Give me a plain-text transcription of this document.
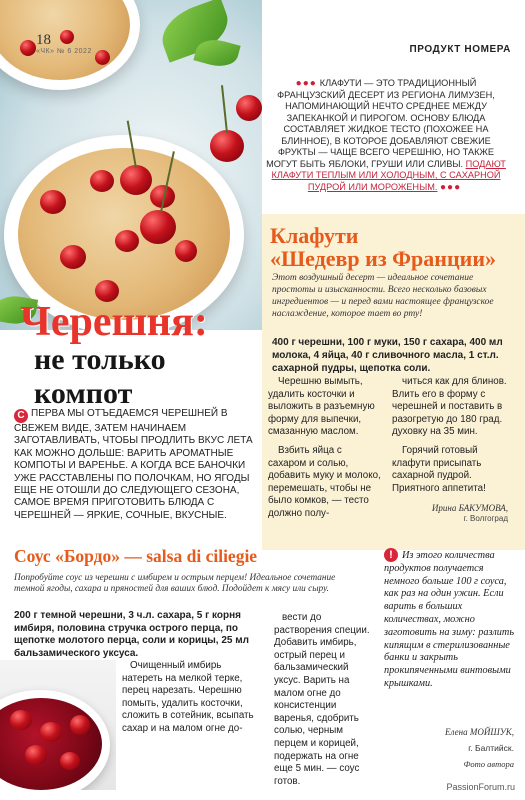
18
«ЧК» № 6 2022	ПРОДУКТ НОМЕРА
●●● КЛАФУТИ — ЭТО ТРАДИЦИОННЫЙ ФРАНЦУЗСКИЙ ДЕСЕРТ ИЗ РЕГИОНА ЛИМУЗЕН, НАПОМИНАЮЩИЙ НЕЧТО СРЕДНЕЕ МЕЖДУ ЗАПЕКАНКОЙ И ПИРОГОМ. ОСНОВУ БЛЮДА СОСТАВЛЯЕТ ЖИДКОЕ ТЕСТО (ПОХОЖЕЕ НА БЛИННОЕ), В КОТОРОЕ ДОБАВЛЯЮТ СВЕЖИЕ ФРУКТЫ — ЧАЩЕ ВСЕГО ЧЕРЕШНЮ, НО ТАКЖЕ МОГУТ БЫТЬ ЯБЛОКИ, ГРУШИ ИЛИ СЛИВЫ. ПОДАЮТ КЛАФУТИ ТЕПЛЫМ ИЛИ ХОЛОДНЫМ, С САХАРНОЙ ПУДРОЙ ИЛИ МОРОЖЕНЫМ. ●●●
Клафути
«Шедевр из Франции»
Этот воздушный десерт — идеальное сочетание простоты и изысканности. Всего несколько базовых ингредиентов — и перед вами настоящее французское наслаждение, которое тает во рту!
400 г черешни, 100 г муки, 150 г сахара, 400 мл молока, 4 яйца, 40 г сливочного масла, 1 ст.л. сахарной пудры, щепотка соли.

Черешню вымыть, удалить косточки и выложить в разъемную форму для выпечки, смазанную маслом.

Взбить яйца с сахаром и солью, добавить муку и молоко, перемешать, чтобы не было комков, — тесто должно полу-

читься как для блинов. Влить его в форму с черешней и поставить в разогретую до 180 град. духовку на 35 мин.

Горячий готовый клафути присыпать сахарной пудрой. Приятного аппетита!

Ирина БАКУМОВА,
г. Волгоград
Черешня:
не только
компот
С ПЕРВA МЫ ОТЪЕДАЕМСЯ ЧЕРЕШНЕЙ В СВЕЖЕМ ВИДЕ, ЗАТЕМ НАЧИНАЕМ ЗАГОТАВЛИВАТЬ, ЧТОБЫ ПРОДЛИТЬ ВКУС ЛЕТА КАК МОЖНО ДОЛЬШЕ: ВАРИТЬ АРОМАТНЫЕ КОМПОТЫ И ВАРЕНЬЕ. А КОГДА ВСЕ БАНОЧКИ УЖЕ РАССТАВЛЕНЫ ПО ПОЛОЧКАМ, НО ЯГОДЫ ЕЩЕ НЕ ОТОШЛИ ДО СЛЕДУЮЩЕГО СЕЗОНА, САМОЕ ВРЕМЯ ПРИГОТОВИТЬ БЛЮДА С ЧЕРЕШНЕЙ — ЯРКИЕ, СОЧНЫЕ, ВКУСНЫЕ.
Соус «Бордо» — salsa di ciliegie
Попробуйте соус из черешни с имбирем и острым перцем! Идеальное сочетание темной ягоды, сахара и пряностей для ваших блюд. Подойдет к мясу или сыру.
200 г темной черешни, 3 ч.л. сахара, 5 г корня имбиря, половина стручка острого перца, по щепотке молотого перца, соли и корицы, 25 мл бальзамического уксуса.

Очищенный имбирь натереть на мелкой терке, перец нарезать. Черешню помыть, удалить косточки, сложить в сотейник, всыпать сахар и на малом огне до-

вести до растворения специи. Добавить имбирь, острый перец и бальзамический уксус. Варить на малом огне до консистенции варенья, сдобрить солью, черным перцем и корицей, подержать на огне еще 5 мин. — соус готов.

! Из этого количества продуктов получается немного больше 100 г соуса, как раз на один ужин. Если варить в больших количествах, можно заготовить на зиму: разлить кипящим в стерилизованные банки и закрыть прокипяченными винтовыми крышками.
Елена МОЙШУК,
г. Балтийск.
Фото автора
PassionForum.ru
